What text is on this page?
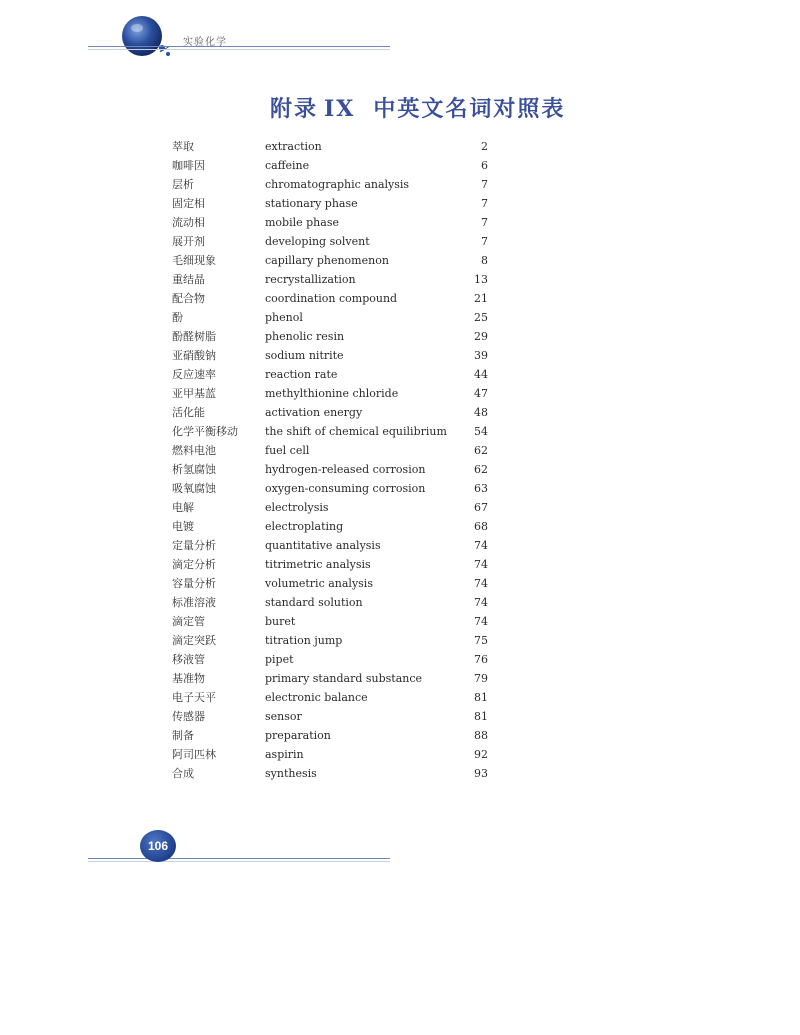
实验化学
附录 IX 中英文名词对照表
萃取	extraction	2
咖啡因	caffeine	6
层析	chromatographic analysis	7
固定相	stationary phase	7
流动相	mobile phase	7
展开剂	developing solvent	7
毛细现象	capillary phenomenon	8
重结晶	recrystallization	13
配合物	coordination compound	21
酚	phenol	25
酚醛树脂	phenolic resin	29
亚硝酸钠	sodium nitrite	39
反应速率	reaction rate	44
亚甲基蓝	methylthionine chloride	47
活化能	activation energy	48
化学平衡移动 the shift of chemical equilibrium 54
燃料电池	fuel cell	62
析氢腐蚀	hydrogen-released corrosion	62
吸氧腐蚀	oxygen-consuming corrosion	63
电解	electrolysis	67
电镀	electroplating	68
定量分析	quantitative analysis	74
滴定分析	titrimetric analysis	74
容量分析	volumetric analysis	74
标准溶液	standard solution	74
滴定管	buret	74
滴定突跃	titration jump	75
移液管	pipet	76
基准物	primary standard substance	79
电子天平	electronic balance	81
传感器	sensor	81
制备	preparation	88
阿司匹林	aspirin	92
合成	synthesis	93
106
